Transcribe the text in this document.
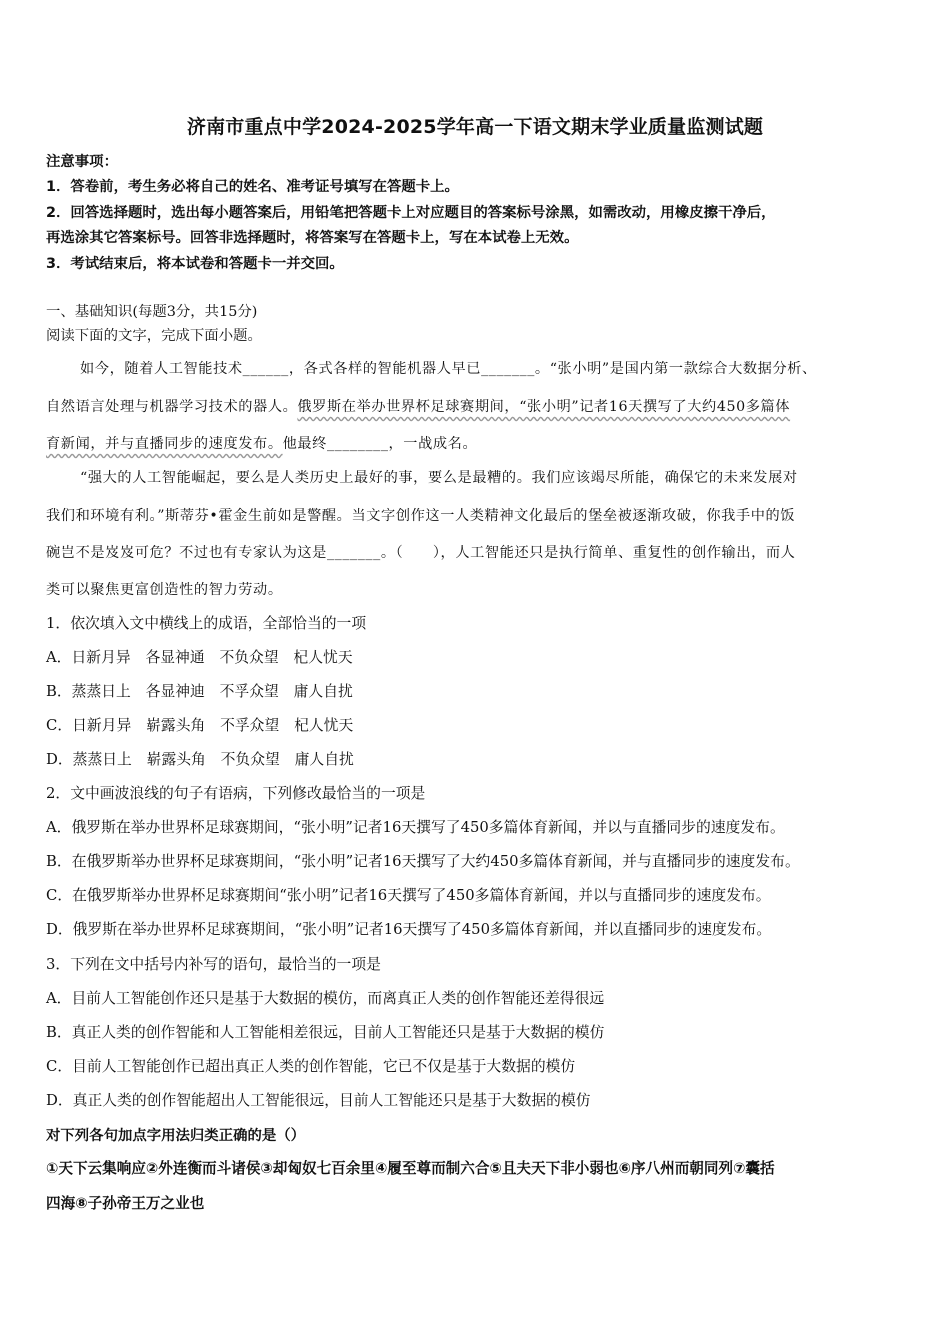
济南市重点中学2024-2025学年高一下语文期末学业质量监测试题
注意事项：
1．答卷前，考生务必将自己的姓名、准考证号填写在答题卡上。
2．回答选择题时，选出每小题答案后，用铅笔把答题卡上对应题目的答案标号涂黑，如需改动，用橡皮擦干净后，
再选涂其它答案标号。回答非选择题时，将答案写在答题卡上，写在本试卷上无效。
3．考试结束后，将本试卷和答题卡一并交回。
一、基础知识(每题3分，共15分)
阅读下面的文字，完成下面小题。
如今，随着人工智能技术______，各式各样的智能机器人早已_______。“张小明”是国内第一款综合大数据分析、
自然语言处理与机器学习技术的器人。俄罗斯在举办世界杯足球赛期间，“张小明”记者16天撰写了大约450多篇体
育新闻，并与直播同步的速度发布。他最终________，一战成名。
“强大的人工智能崛起，要么是人类历史上最好的事，要么是最糟的。我们应该竭尽所能，确保它的未来发展对
我们和环境有利。”斯蒂芬•霍金生前如是警醒。当文字创作这一人类精神文化最后的堡垒被逐渐攻破，你我手中的饭
碗岂不是岌岌可危？不过也有专家认为这是_______。（　　），人工智能还只是执行简单、重复性的创作输出，而人
类可以聚焦更富创造性的智力劳动。
1．依次填入文中横线上的成语，全部恰当的一项
A．日新月异　各显神通　不负众望　杞人忧天
B．蒸蒸日上　各显神迪　不孚众望　庸人自扰
C．日新月异　崭露头角　不孚众望　杞人忧天
D．蒸蒸日上　崭露头角　不负众望　庸人自扰
2．文中画波浪线的句子有语病，下列修改最恰当的一项是
A．俄罗斯在举办世界杯足球赛期间，“张小明”记者16天撰写了450多篇体育新闻，并以与直播同步的速度发布。
B．在俄罗斯举办世界杯足球赛期间，“张小明”记者16天撰写了大约450多篇体育新闻，并与直播同步的速度发布。
C．在俄罗斯举办世界杯足球赛期间“张小明”记者16天撰写了450多篇体育新闻，并以与直播同步的速度发布。
D．俄罗斯在举办世界杯足球赛期间，“张小明”记者16天撰写了450多篇体育新闻，并以直播同步的速度发布。
3．下列在文中括号内补写的语句，最恰当的一项是
A．目前人工智能创作还只是基于大数据的模仿，而离真正人类的创作智能还差得很远
B．真正人类的创作智能和人工智能相差很远，目前人工智能还只是基于大数据的模仿
C．目前人工智能创作已超出真正人类的创作智能，它已不仅是基于大数据的模仿
D．真正人类的创作智能超出人工智能很远，目前人工智能还只是基于大数据的模仿
对下列各句加点字用法归类正确的是（）
①天下云集响应②外连衡而斗诸侯③却匈奴七百余里④履至尊而制六合⑤且夫天下非小弱也⑥序八州而朝同列⑦囊括
四海⑧子孙帝王万之业也
